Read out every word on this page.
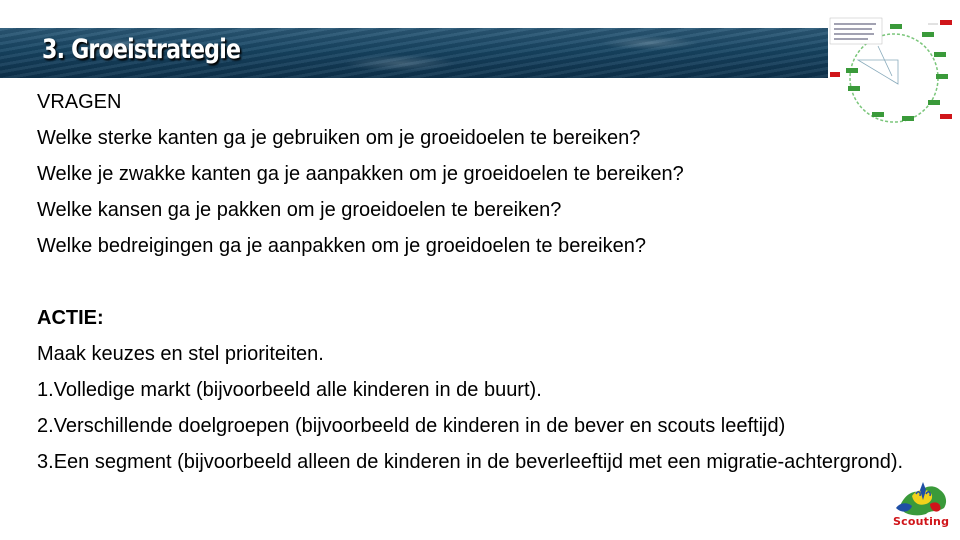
3. Groeistrategie
VRAGEN
Welke sterke kanten ga je gebruiken om je groeidoelen te bereiken?
Welke je zwakke kanten ga je aanpakken om je groeidoelen te bereiken?
Welke kansen ga je pakken om je groeidoelen te bereiken?
Welke bedreigingen ga je aanpakken om je groeidoelen te bereiken?
ACTIE:
Maak keuzes en stel prioriteiten.
1.Volledige markt (bijvoorbeeld alle kinderen in de buurt).
2.Verschillende doelgroepen (bijvoorbeeld de kinderen in de bever en scouts leeftijd)
3.Een segment (bijvoorbeeld alleen de kinderen in de beverleeftijd met een migratie-achtergrond).
Scouting
